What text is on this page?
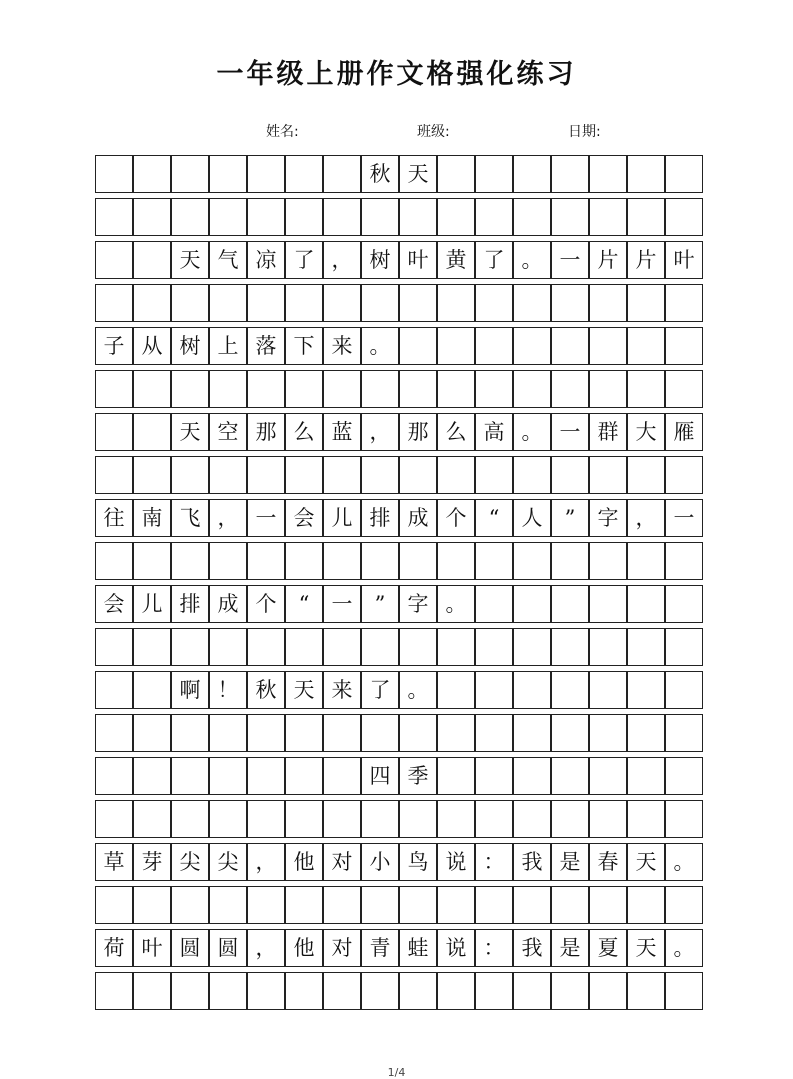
一年级上册作文格强化练习
姓名:	班级:	日期:
秋 天
天 气 凉 了 ， 树 叶 黄 了 。 一 片 片 叶
子 从 树 上 落 下 来 。
天 空 那 么 蓝 ， 那 么 高 。 一 群 大 雁
往 南 飞 ， 一 会 儿 排 成 个	“	人	”	字 ， 一
会 儿 排 成 个	“	一	”	字 。
啊 ！ 秋 天 来 了 。
四 季
草 芽 尖 尖 ， 他 对 小 鸟 说 ： 我 是 春 天 。
荷 叶 圆 圆 ， 他 对 青 蛙 说 ： 我 是 夏 天 。
1/4
